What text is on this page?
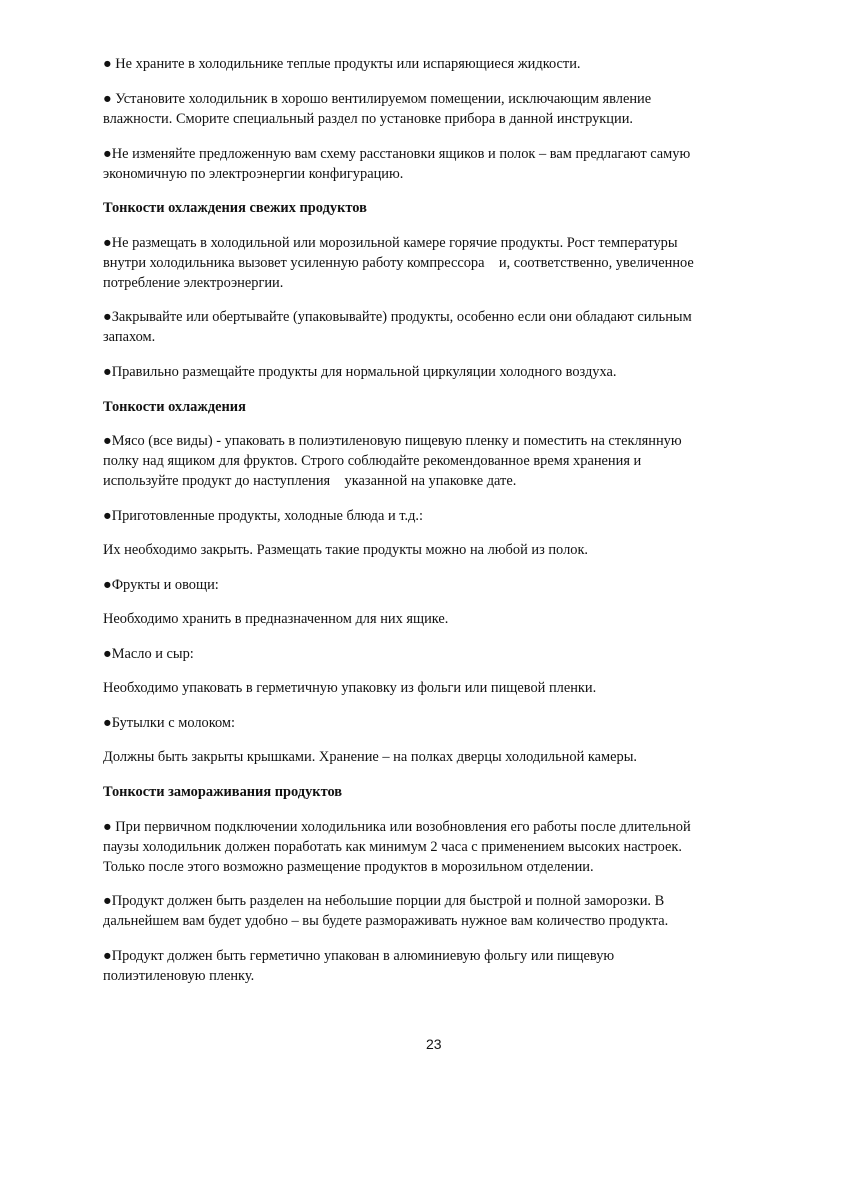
● Не храните в холодильнике теплые продукты или испаряющиеся жидкости.
● Установите холодильник в хорошо вентилируемом помещении, исключающим явление
влажности. Сморите специальный раздел по установке прибора в данной инструкции.
●Не изменяйте предложенную вам схему расстановки ящиков и полок – вам предлагают самую
экономичную по электроэнергии конфигурацию.
Тонкости охлаждения свежих продуктов
●Не размещать в холодильной или морозильной камере горячие продукты. Рост температуры
внутри холодильника вызовет усиленную работу компрессора    и, соответственно, увеличенное
потребление электроэнергии.
●Закрывайте или обертывайте (упаковывайте) продукты, особенно если они обладают сильным
запахом.
●Правильно размещайте продукты для нормальной циркуляции холодного воздуха.
Тонкости охлаждения
●Мясо (все виды) - упаковать в полиэтиленовую пищевую пленку и поместить на стеклянную
полку над ящиком для фруктов. Строго соблюдайте рекомендованное время хранения и
используйте продукт до наступления    указанной на упаковке дате.
●Приготовленные продукты, холодные блюда и т.д.:
Их необходимо закрыть. Размещать такие продукты можно на любой из полок.
●Фрукты и овощи:
Необходимо хранить в предназначенном для них ящике.
●Масло и сыр:
Необходимо упаковать в герметичную упаковку из фольги или пищевой пленки.
●Бутылки с молоком:
Должны быть закрыты крышками. Хранение – на полках дверцы холодильной камеры.
Тонкости замораживания продуктов
● При первичном подключении холодильника или возобновления его работы после длительной
паузы холодильник должен поработать как минимум 2 часа с применением высоких настроек.
Только после этого возможно размещение продуктов в морозильном отделении.
●Продукт должен быть разделен на небольшие порции для быстрой и полной заморозки. В
дальнейшем вам будет удобно – вы будете размораживать нужное вам количество продукта.
●Продукт должен быть герметично упакован в алюминиевую фольгу или пищевую
полиэтиленовую пленку.
23
